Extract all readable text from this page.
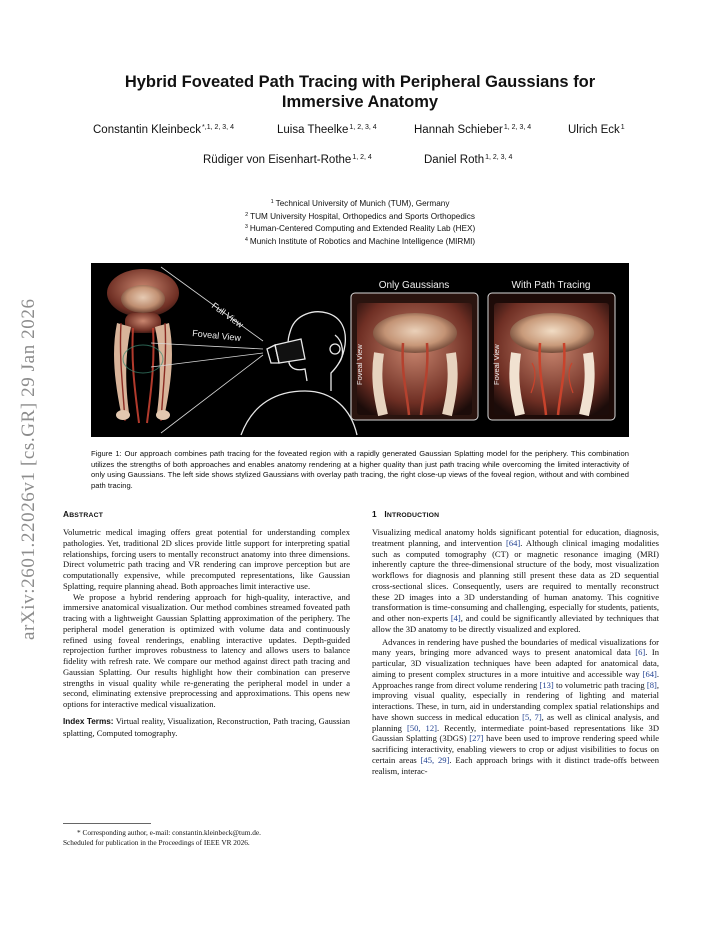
arXiv:2601.22026v1 [cs.GR] 29 Jan 2026
Hybrid Foveated Path Tracing with Peripheral Gaussians for Immersive Anatomy
Constantin Kleinbeck$^{*,1, 2, 3, 4}$	Luisa Theelke$^{1, 2, 3, 4}$	Hannah Schieber$^{1, 2, 3, 4}$	Ulrich Eck$^1$
Rüdiger von Eisenhart-Rothe$^{1, 2, 4}$	Daniel Roth$^{1, 2, 3, 4}$
$^1$ Technical University of Munich (TUM), Germany
$^2$ TUM University Hospital, Orthopedics and Sports Orthopedics
$^3$ Human-Centered Computing and Extended Reality Lab (HEX)
$^4$ Munich Institute of Robotics and Machine Intelligence (MIRMI)
Full View
Foveal View
Only Gaussians	With Path Tracing
Foveal View	Foveal View
Figure 1: Our approach combines path tracing for the foveated region with a rapidly generated Gaussian Splatting model for the periphery. This combination utilizes the strengths of both approaches and enables anatomy rendering at a higher quality than just path tracing while overcoming the limited interactivity of only using Gaussians. The left side shows stylized Gaussians with overlay path tracing, the right close-up views of the foveal region, without and with combined path tracing.
ABSTRACT

Volumetric medical imaging offers great potential for understanding complex pathologies. Yet, traditional 2D slices provide little support for interpreting spatial relationships, forcing users to mentally reconstruct anatomy into three dimensions. Direct volumetric path tracing and VR rendering can improve perception but are computationally expensive, while precomputed representations, like Gaussian Splatting, require planning ahead. Both approaches limit interactive use.

We propose a hybrid rendering approach for high-quality, interactive, and immersive anatomical visualization. Our method combines streamed foveated path tracing with a lightweight Gaussian Splatting approximation of the periphery. The peripheral model generation is optimized with volume data and continuously refined using foveal renderings, enabling interactive updates. Depth-guided reprojection further improves robustness to latency and allows users to balance fidelity with refresh rate. We compare our method against direct path tracing and Gaussian Splatting. Our results highlight how their combination can preserve strengths in visual quality while re-generating the peripheral model in under a second, eliminating extensive preprocessing and approximations. This opens new options for interactive medical visualization.

Index Terms: Virtual reality, Visualization, Reconstruction, Path tracing, Gaussian splatting, Computed tomography.

* Corresponding author, e-mail: constantin.kleinbeck@tum.de.
Scheduled for publication in the Proceedings of IEEE VR 2026.
1 INTRODUCTION

Visualizing medical anatomy holds significant potential for education, diagnosis, treatment planning, and intervention [64]. Although clinical imaging modalities such as computed tomography (CT) or magnetic resonance imaging (MRI) inherently capture the three-dimensional structure of the body, most visualization workflows for diagnosis and planning still present these data as 2D sequential cross-sectional slices. Consequently, users are required to mentally reconstruct these 2D images into a 3D understanding of human anatomy. This cognitive transformation is time-consuming and challenging, especially for students, patients, and other non-experts [4], and could be significantly alleviated by techniques that allow the 3D anatomy to be directly visualized and explored.

Advances in rendering have pushed the boundaries of medical visualizations for many years, bringing more advanced ways to present anatomical data [6]. In particular, 3D visualization techniques have been adapted for anatomical data, aiming to present complex structures in a more intuitive and accessible way [64]. Approaches range from direct volume rendering [13] to volumetric path tracing [8], improving visual quality, especially in rendering of lighting and material interactions. These, in turn, aid in understanding complex spatial relationships and have shown success in medical education [5, 7], as well as clinical analysis, and planning [50, 12]. Recently, intermediate point-based representations like 3D Gaussian Splatting (3DGS) [27] have been used to improve rendering speed while sacrificing interactivity, enabling viewers to crop or adjust visibilities to focus on certain areas [45, 29]. Each approach brings with it distinct trade-offs between realism, interac-
